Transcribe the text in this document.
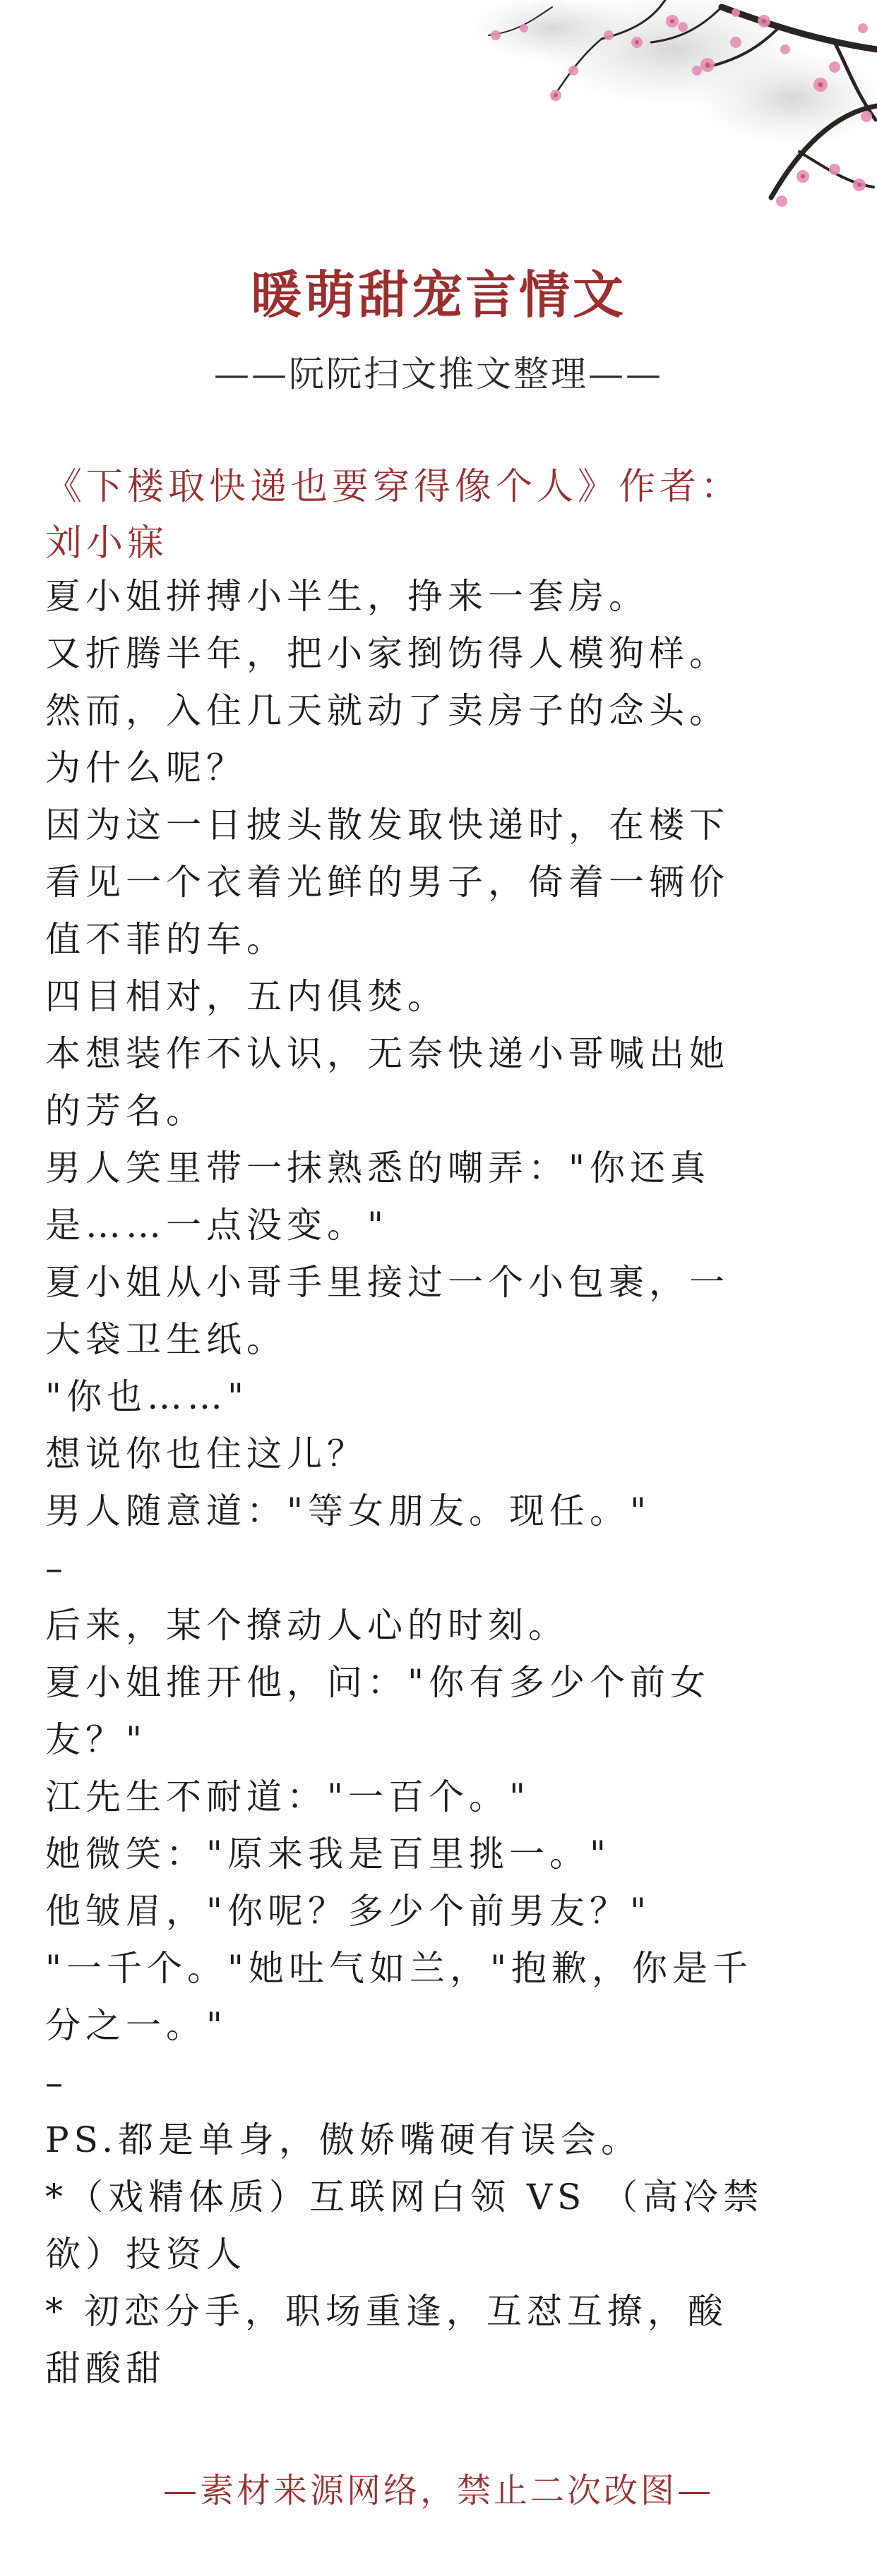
暖萌甜宠言情文
——阮阮扫文推文整理——
《下楼取快递也要穿得像个人》作者：
刘小寐
夏小姐拼搏小半生，挣来一套房。
又折腾半年，把小家捯饬得人模狗样。
然而，入住几天就动了卖房子的念头。
为什么呢？
因为这一日披头散发取快递时，在楼下
看见一个衣着光鲜的男子，倚着一辆价
值不菲的车。
四目相对，五内俱焚。
本想装作不认识，无奈快递小哥喊出她
的芳名。
男人笑里带一抹熟悉的嘲弄："你还真
是……一点没变。"
夏小姐从小哥手里接过一个小包裹，一
大袋卫生纸。
"你也……"
想说你也住这儿？
男人随意道："等女朋友。现任。"
–
后来，某个撩动人心的时刻。
夏小姐推开他，问："你有多少个前女
友？"
江先生不耐道："一百个。"
她微笑："原来我是百里挑一。"
他皱眉，"你呢？多少个前男友？"
"一千个。"她吐气如兰，"抱歉，你是千
分之一。"
–
PS.都是单身，傲娇嘴硬有误会。
*（戏精体质）互联网白领 VS （高冷禁
欲）投资人
* 初恋分手，职场重逢，互怼互撩，酸
甜酸甜
—素材来源网络，禁止二次改图—
